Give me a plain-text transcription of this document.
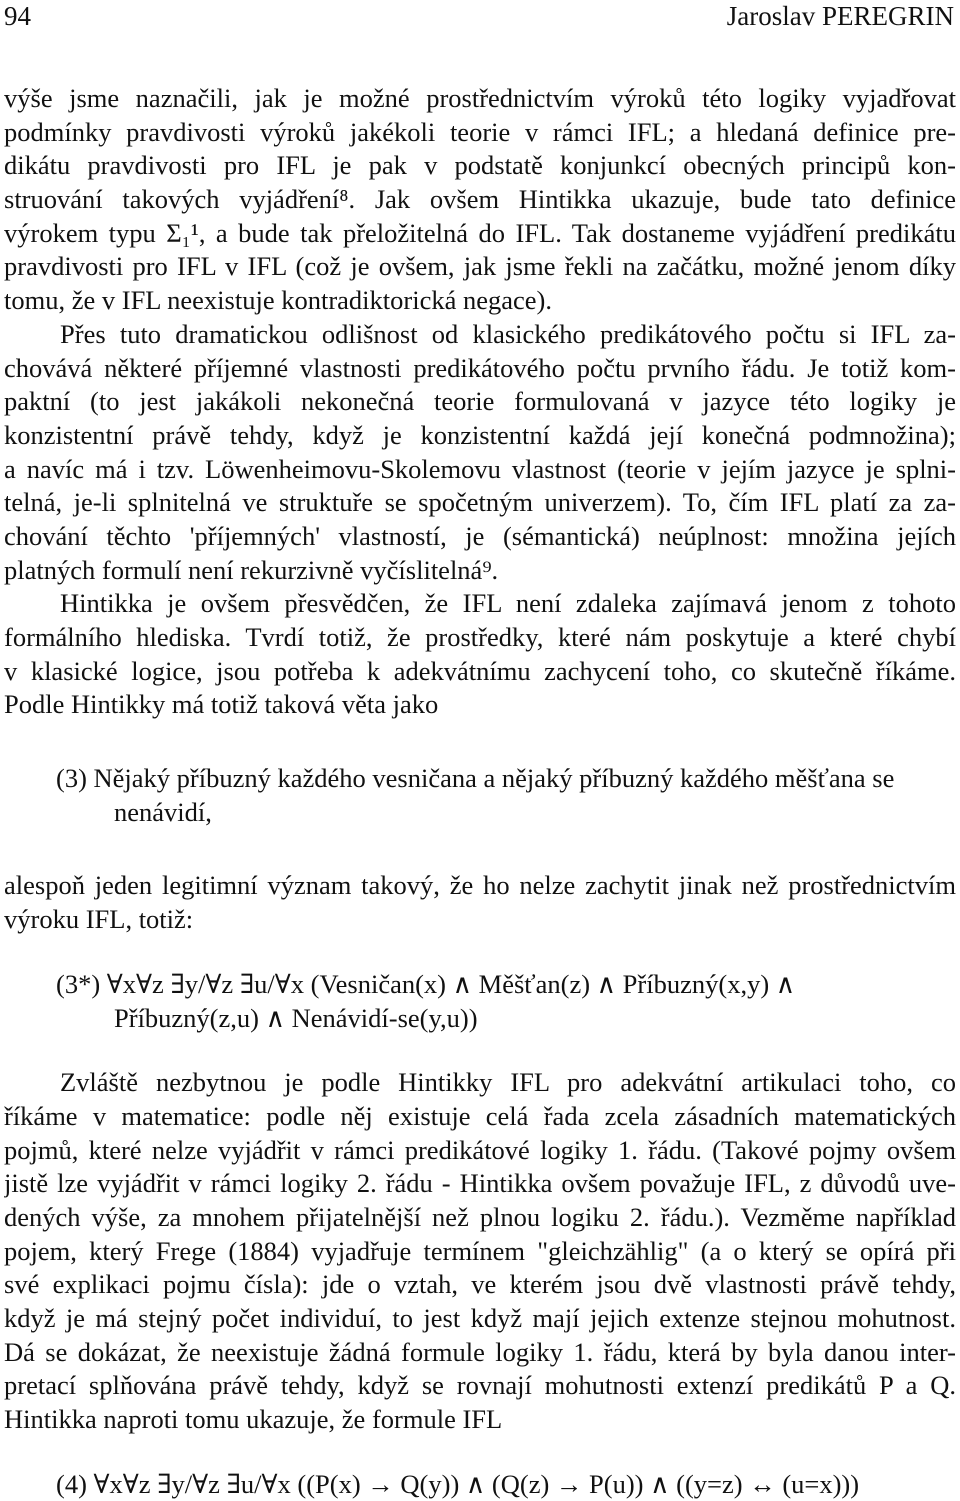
94	Jaroslav PEREGRIN
výše jsme naznačili, jak je možné prostřednictvím výroků této logiky vyjadřovat
podmínky pravdivosti výroků jakékoli teorie v rámci IFL; a hledaná definice pre-
dikátu pravdivosti pro IFL je pak v podstatě konjunkcí obecných principů kon-
struování takových vyjádření⁸. Jak ovšem Hintikka ukazuje, bude tato definice
výrokem typu Σ₁¹, a bude tak přeložitelná do IFL. Tak dostaneme vyjádření predikátu
pravdivosti pro IFL v IFL (což je ovšem, jak jsme řekli na začátku, možné jenom díky
tomu, že v IFL neexistuje kontradiktorická negace).
Přes tuto dramatickou odlišnost od klasického predikátového počtu si IFL za-
chovává některé příjemné vlastnosti predikátového počtu prvního řádu. Je totiž kom-
paktní (to jest jakákoli nekonečná teorie formulovaná v jazyce této logiky je
konzistentní právě tehdy, když je konzistentní každá její konečná podmnožina);
a navíc má i tzv. Löwenheimovu-Skolemovu vlastnost (teorie v jejím jazyce je splni-
telná, je-li splnitelná ve struktuře se spočetným univerzem). To, čím IFL platí za za-
chování těchto 'příjemných' vlastností, je (sémantická) neúplnost: množina jejích
platných formulí není rekurzivně vyčíslitelná⁹.
Hintikka je ovšem přesvědčen, že IFL není zdaleka zajímavá jenom z tohoto
formálního hlediska. Tvrdí totiž, že prostředky, které nám poskytuje a které chybí
v klasické logice, jsou potřeba k adekvátnímu zachycení toho, co skutečně říkáme.
Podle Hintikky má totiž taková věta jako
(3) Nějaký příbuzný každého vesničana a nějaký příbuzný každého měšťana se
nenávidí,
alespoň jeden legitimní význam takový, že ho nelze zachytit jinak než prostřednictvím
výroku IFL, totiž:
(3*) ∀x∀z ∃y/∀z ∃u/∀x (Vesničan(x) ∧ Měšťan(z) ∧ Příbuzný(x,y) ∧
Příbuzný(z,u) ∧ Nenávidí-se(y,u))
Zvláště nezbytnou je podle Hintikky IFL pro adekvátní artikulaci toho, co
říkáme v matematice: podle něj existuje celá řada zcela zásadních matematických
pojmů, které nelze vyjádřit v rámci predikátové logiky 1. řádu. (Takové pojmy ovšem
jistě lze vyjádřit v rámci logiky 2. řádu - Hintikka ovšem považuje IFL, z důvodů uve-
dených výše, za mnohem přijatelnější než plnou logiku 2. řádu.). Vezměme například
pojem, který Frege (1884) vyjadřuje termínem "gleichzählig" (a o který se opírá při
své explikaci pojmu čísla): jde o vztah, ve kterém jsou dvě vlastnosti právě tehdy,
když je má stejný počet individuí, to jest když mají jejich extenze stejnou mohutnost.
Dá se dokázat, že neexistuje žádná formule logiky 1. řádu, která by byla danou inter-
pretací splňována právě tehdy, když se rovnají mohutnosti extenzí predikátů P a Q.
Hintikka naproti tomu ukazuje, že formule IFL
(4) ∀x∀z ∃y/∀z ∃u/∀x ((P(x) → Q(y)) ∧ (Q(z) → P(u)) ∧ ((y=z) ↔ (u=x)))
